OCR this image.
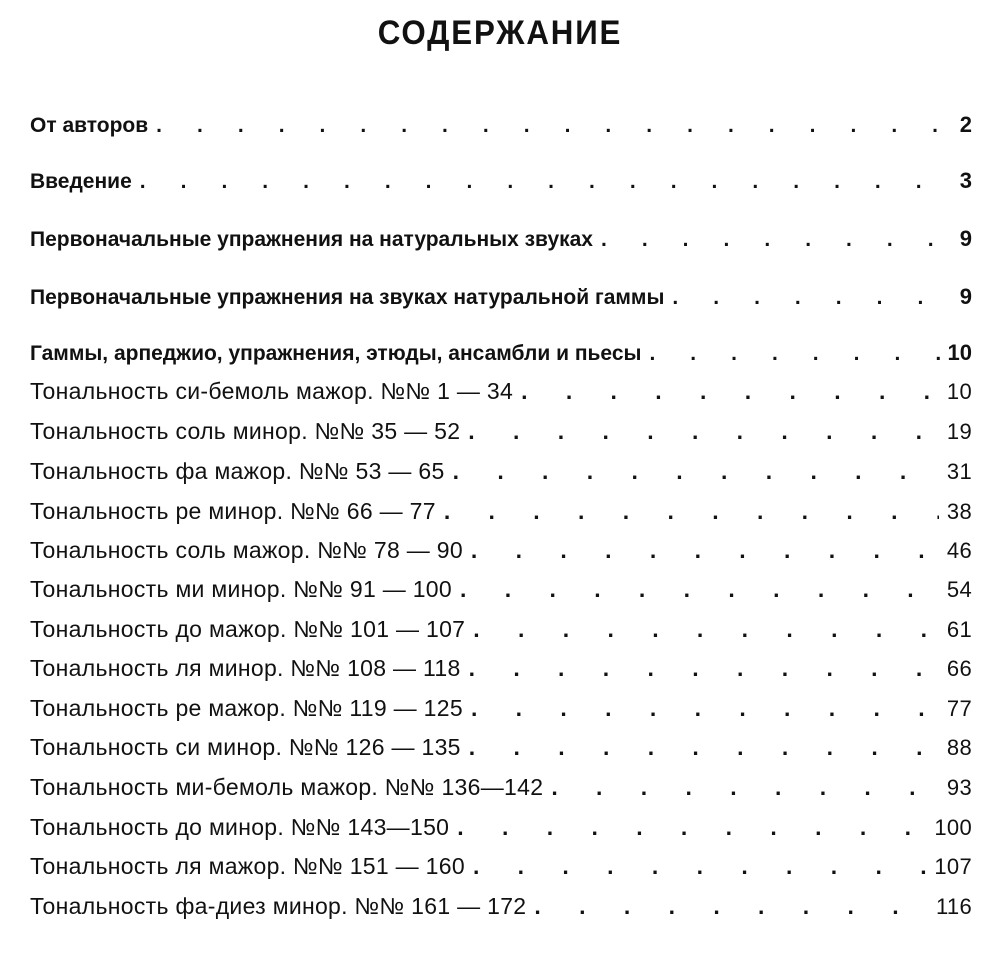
СОДЕРЖАНИЕ
От авторов .	2
Введение .	3
Первоначальные упражнения на натуральных звуках .	9
Первоначальные упражнения на звуках натуральной гаммы .	9
Гаммы, арпеджио, упражнения, этюды, ансамбли и пьесы .	10
Тональность си-бемоль мажор. №№ 1 — 34 .	10
Тональность соль минор. №№ 35 — 52 .	19
Тональность фа мажор. №№ 53 — 65 .	31
Тональность ре минор. №№ 66 — 77 .	38
Тональность соль мажор. №№ 78 — 90 .	46
Тональность ми минор. №№ 91 — 100 .	54
Тональность до мажор. №№ 101 — 107 .	61
Тональность ля минор. №№ 108 — 118 .	66
Тональность ре мажор. №№ 119 — 125 .	77
Тональность си минор. №№ 126 — 135 .	88
Тональность ми-бемоль мажор. №№ 136—142 .	93
Тональность до минор. №№ 143—150 .	100
Тональность ля мажор. №№ 151 — 160 .	107
Тональность фа-диез минор. №№ 161 — 172 .	116
